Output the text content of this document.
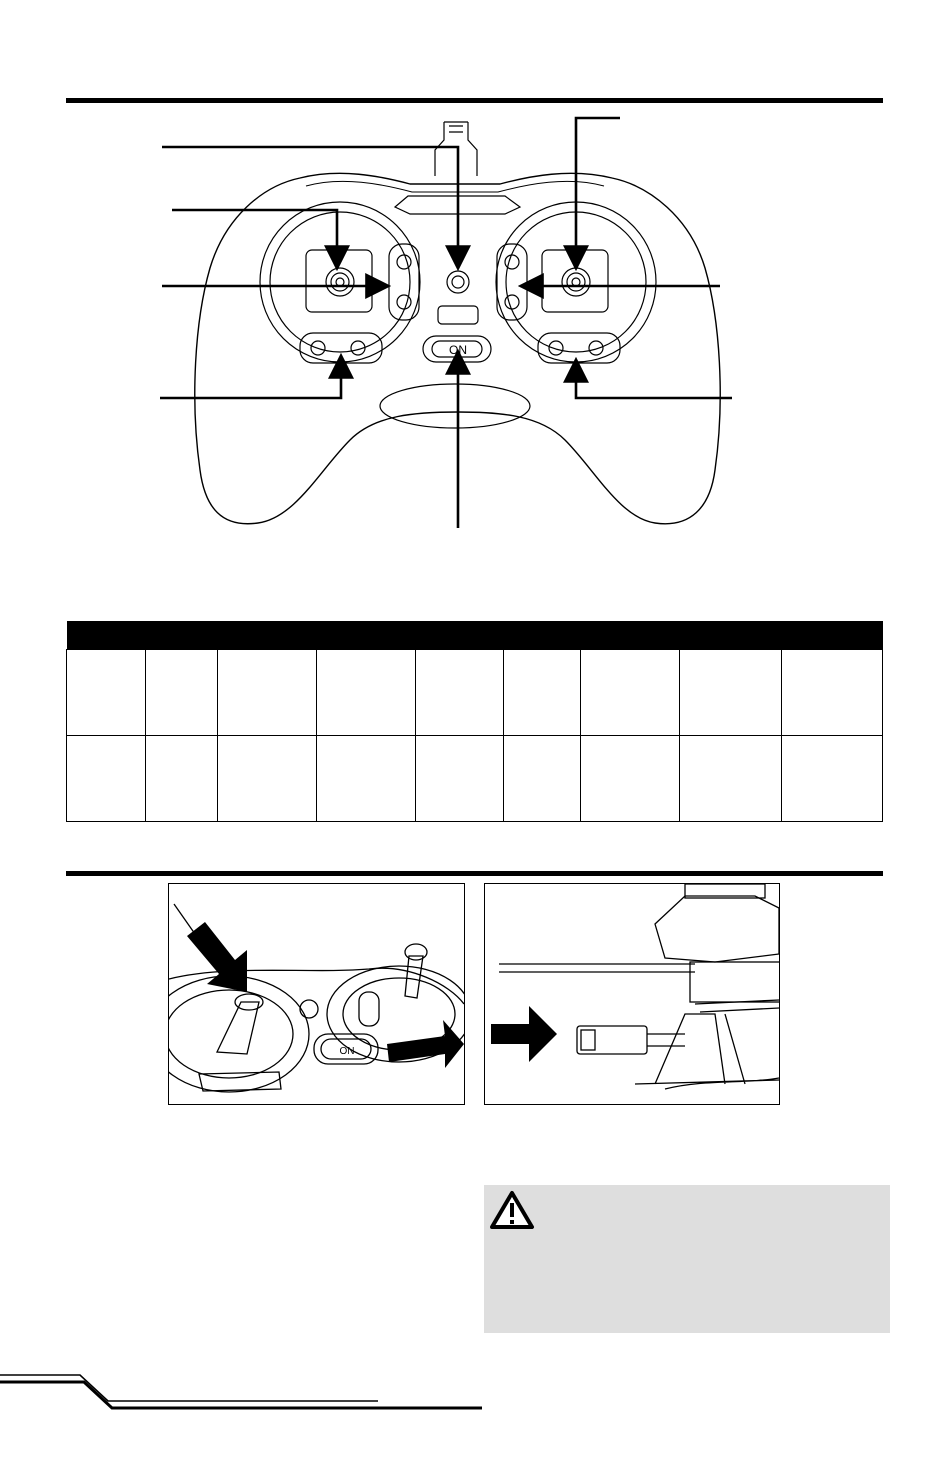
ON

ON
